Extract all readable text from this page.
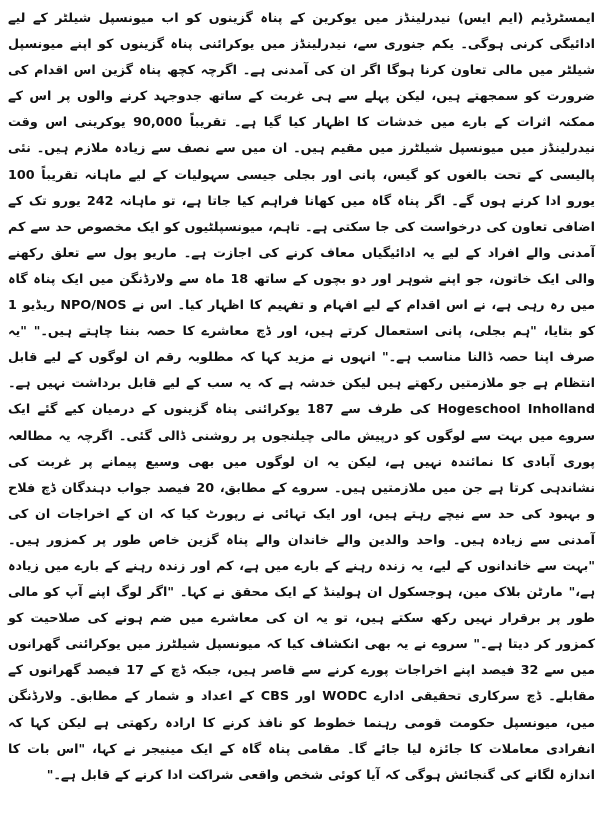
ایمسٹرڈیم (ایم ایس) نیدرلینڈز میں یوکرین کے پناہ گزینوں کو اب میونسپل شیلٹر کے لیے ادائیگی کرنی ہوگی۔ یکم جنوری سے، نیدرلینڈز میں یوکرائنی پناہ گزینوں کو اپنے میونسپل شیلٹر میں مالی تعاون کرنا ہوگا اگر ان کی آمدنی ہے۔ اگرچہ کچھ پناہ گزین اس اقدام کی ضرورت کو سمجھتے ہیں، لیکن پہلے سے ہی غربت کے ساتھ جدوجہد کرنے والوں پر اس کے ممکنہ اثرات کے بارے میں خدشات کا اظہار کیا گیا ہے۔ تقریباً 90,000 یوکرینی اس وقت نیدرلینڈز میں میونسپل شیلٹرز میں مقیم ہیں۔ ان میں سے نصف سے زیادہ ملازم ہیں۔ نئی پالیسی کے تحت بالغوں کو گیس، پانی اور بجلی جیسی سہولیات کے لیے ماہانہ تقریباً 100 یورو ادا کرنے ہوں گے۔ اگر پناہ گاہ میں کھانا فراہم کیا جاتا ہے، تو ماہانہ 242 یورو تک کے اضافی تعاون کی درخواست کی جا سکتی ہے۔ تاہم، میونسپلٹیوں کو ایک مخصوص حد سے کم آمدنی والے افراد کے لیے یہ ادائیگیاں معاف کرنے کی اجازت ہے۔ ماریو پول سے تعلق رکھنے والی ایک خاتون، جو اپنے شوہر اور دو بچوں کے ساتھ 18 ماہ سے ولارڈنگن میں ایک پناہ گاہ میں رہ رہی ہے، نے اس اقدام کے لیے افہام و تفہیم کا اظہار کیا۔ اس نے NPO/NOS ریڈیو 1 کو بتایا، "ہم بجلی، پانی استعمال کرتے ہیں، اور ڈچ معاشرے کا حصہ بننا چاہتے ہیں۔" "یہ صرف اپنا حصہ ڈالنا مناسب ہے۔" انہوں نے مزید کہا کہ مطلوبہ رقم ان لوگوں کے لیے قابل انتظام ہے جو ملازمتیں رکھتے ہیں لیکن خدشہ ہے کہ یہ سب کے لیے قابل برداشت نہیں ہے۔ Hogeschool Inholland کی طرف سے 187 یوکرائنی پناہ گزینوں کے درمیان کیے گئے ایک سروے میں بہت سے لوگوں کو درپیش مالی چیلنجوں پر روشنی ڈالی گئی۔ اگرچہ یہ مطالعہ پوری آبادی کا نمائندہ نہیں ہے، لیکن یہ ان لوگوں میں بھی وسیع پیمانے پر غربت کی نشاندہی کرتا ہے جن میں ملازمتیں ہیں۔ سروے کے مطابق، 20 فیصد جواب دہندگان ڈچ فلاح و بہبود کی حد سے نیچے رہتے ہیں، اور ایک تہائی نے رپورٹ کیا کہ ان کے اخراجات ان کی آمدنی سے زیادہ ہیں۔ واحد والدین والے خاندان والے پناہ گزین خاص طور پر کمزور ہیں۔ "بہت سے خاندانوں کے لیے، یہ زندہ رہنے کے بارے میں ہے، کم اور زندہ رہنے کے بارے میں زیادہ ہے،" مارٹن بلاک مین، ہوجسکول ان ہولینڈ کے ایک محقق نے کہا۔ "اگر لوگ اپنے آپ کو مالی طور پر برقرار نہیں رکھ سکتے ہیں، تو یہ ان کی معاشرے میں ضم ہونے کی صلاحیت کو کمزور کر دیتا ہے۔" سروے نے یہ بھی انکشاف کیا کہ میونسپل شیلٹرز میں یوکرائنی گھرانوں میں سے 32 فیصد اپنے اخراجات پورے کرنے سے قاصر ہیں، جبکہ ڈچ کے 17 فیصد گھرانوں کے مقابلے۔ ڈچ سرکاری تحقیقی ادارے WODC اور CBS کے اعداد و شمار کے مطابق۔ ولارڈنگن میں، میونسپل حکومت قومی رہنما خطوط کو نافذ کرنے کا ارادہ رکھتی ہے لیکن کہا کہ انفرادی معاملات کا جائزہ لیا جائے گا۔ مقامی پناہ گاہ کے ایک مینیجر نے کہا، "اس بات کا اندازہ لگانے کی گنجائش ہوگی کہ آیا کوئی شخص واقعی شراکت ادا کرنے کے قابل ہے۔"
